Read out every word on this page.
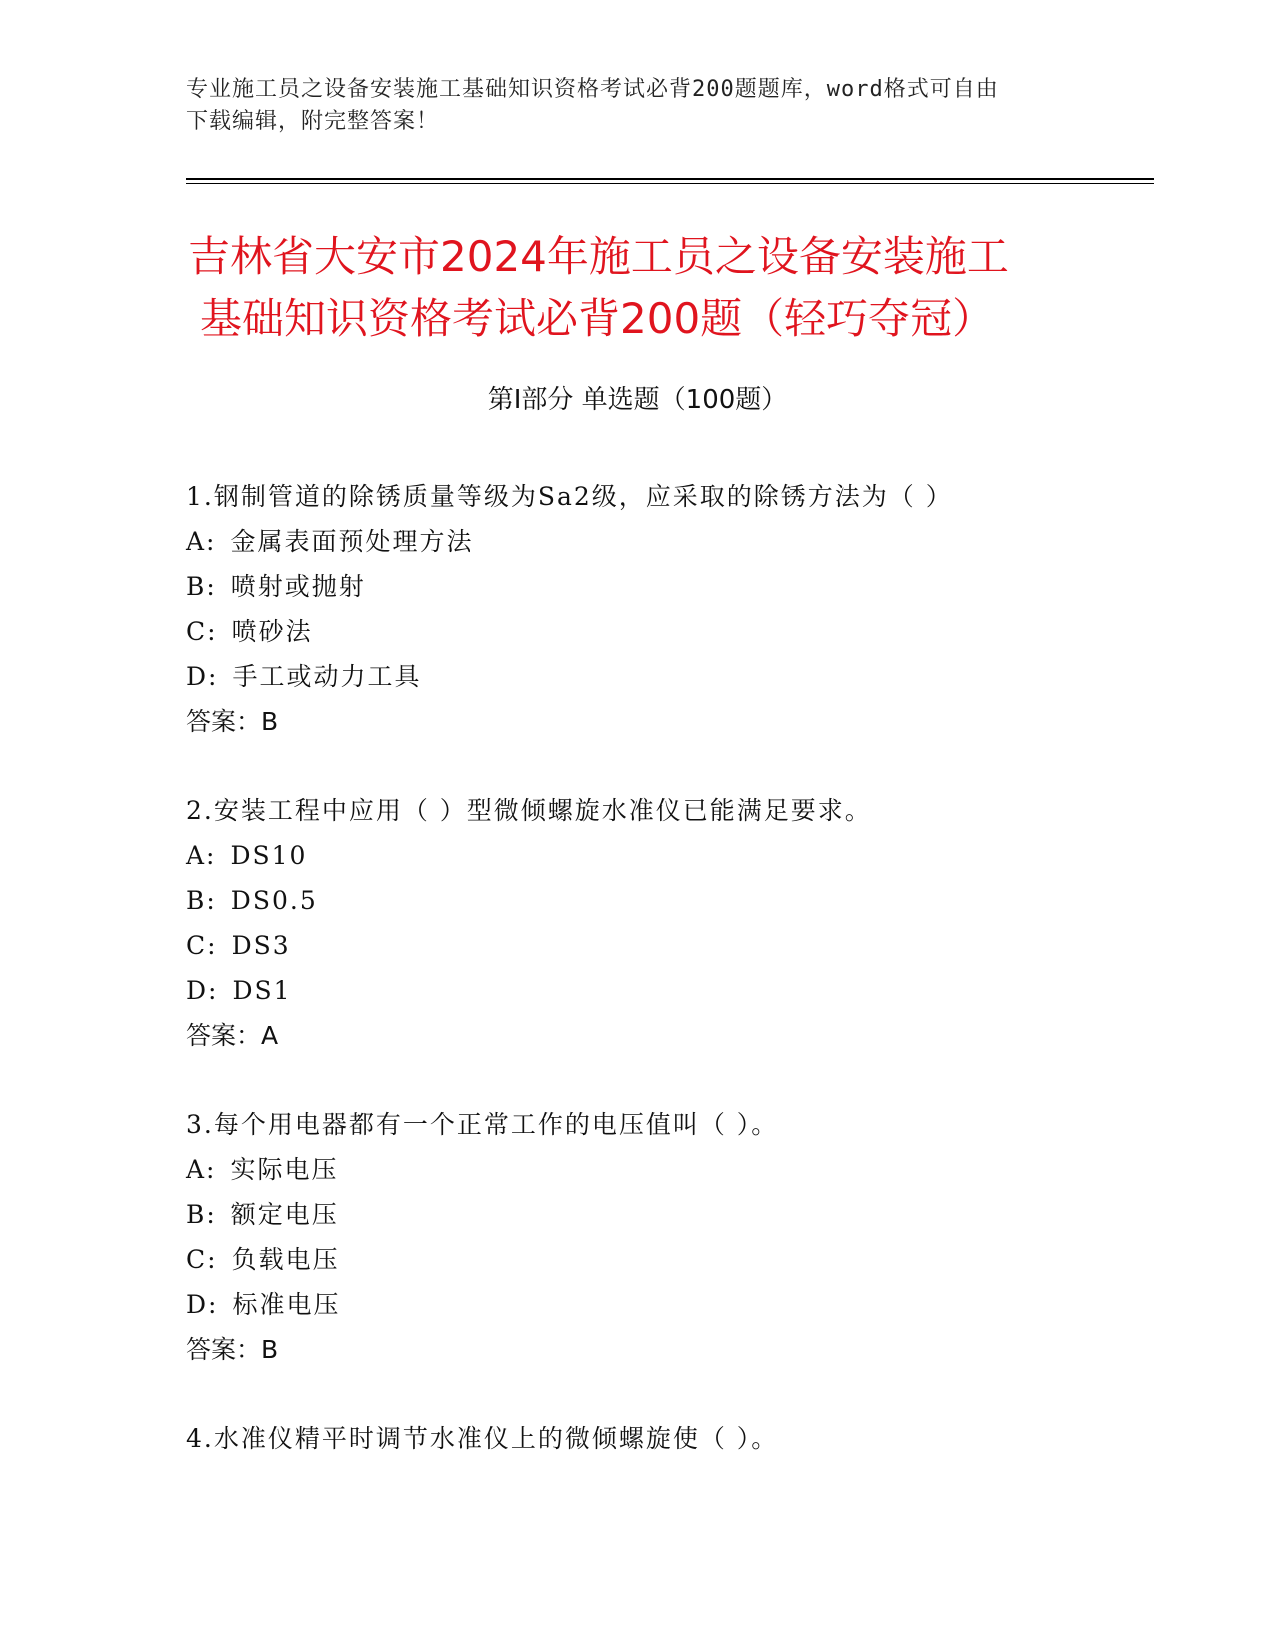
专业施工员之设备安装施工基础知识资格考试必背200题题库，word格式可自由
下载编辑，附完整答案！
吉林省大安市2024年施工员之设备安装施工
基础知识资格考试必背200题（轻巧夺冠）
第Ⅰ部分 单选题（100题）
1.钢制管道的除锈质量等级为Sa2级，应采取的除锈方法为（ ）
A: 金属表面预处理方法
B: 喷射或抛射
C: 喷砂法
D: 手工或动力工具
答案：B
2.安装工程中应用（ ）型微倾螺旋水准仪已能满足要求。
A: DS10
B: DS0.5
C: DS3
D: DS1
答案：A
3.每个用电器都有一个正常工作的电压值叫（ ）。
A: 实际电压
B: 额定电压
C: 负载电压
D: 标准电压
答案：B
4.水准仪精平时调节水准仪上的微倾螺旋使（ ）。
